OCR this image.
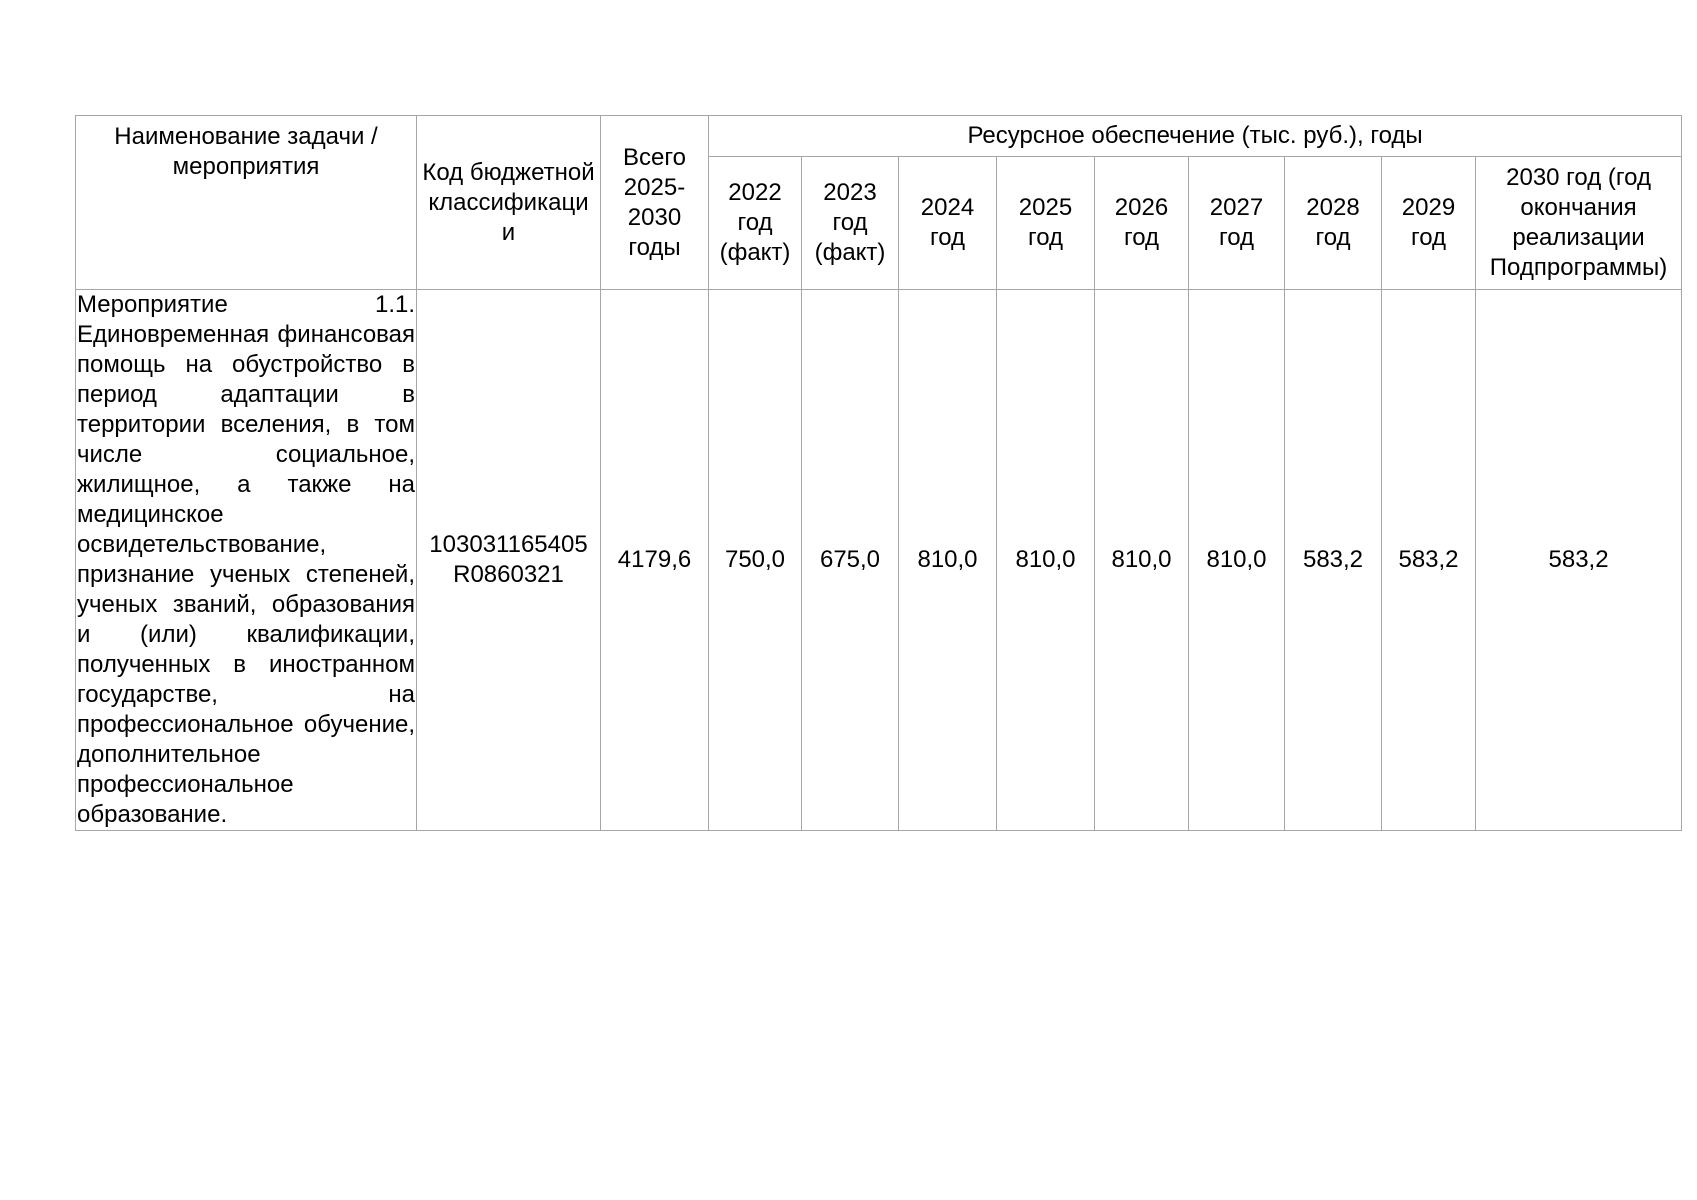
Наименование задачи / мероприятия	Код бюджетной классификаци и	Всего 2025-2030 годы	Ресурсное обеспечение (тыс. руб.), годы								
			2022 год (факт)	2023 год (факт)	2024 год	2025 год	2026 год	2027 год	2028 год	2029 год	2030 год (год окончания реализации Подпрограммы)
Мероприятие 1.1. Единовременная финансовая помощь на обустройство в период адаптации в территории вселения, в том числе социальное, жилищное, а также на медицинское освидетельствование, признание ученых степеней, ученых званий, образования и (или) квалификации, полученных в иностранном государстве, на профессиональное обучение, дополнительное профессиональное образование.	103031165405 R0860321	4179,6	750,0	675,0	810,0	810,0	810,0	810,0	583,2	583,2	583,2
